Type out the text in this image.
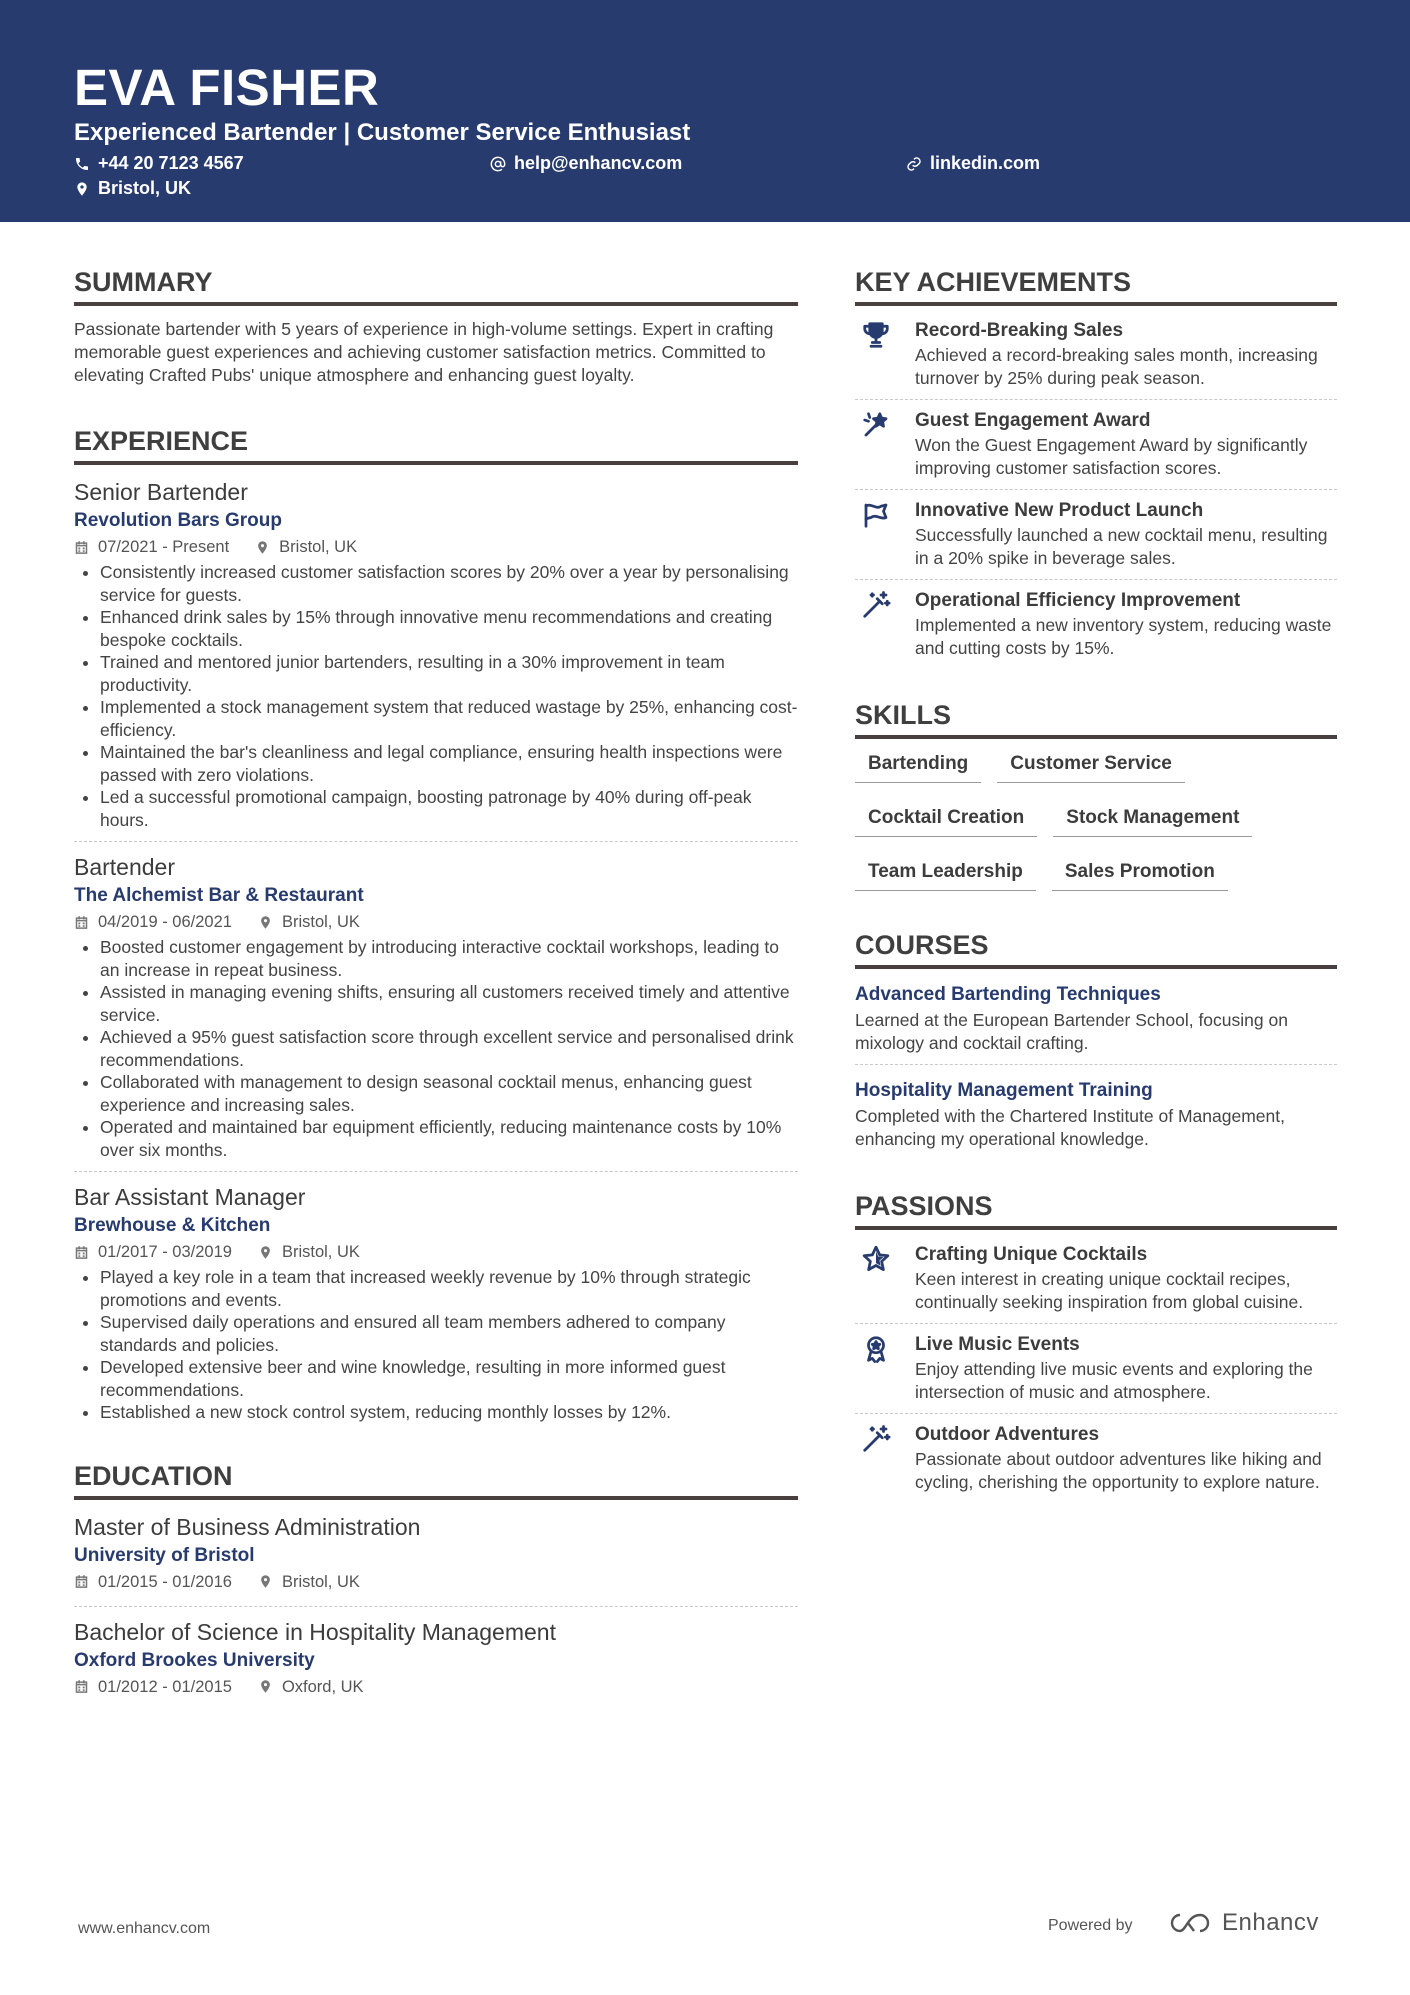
EVA FISHER
Experienced Bartender | Customer Service Enthusiast
+44 20 7123 4567	help@enhancv.com	linkedin.com
Bristol, UK
SUMMARY

Passionate bartender with 5 years of experience in high-volume settings. Expert in crafting memorable guest experiences and achieving customer satisfaction metrics. Committed to elevating Crafted Pubs' unique atmosphere and enhancing guest loyalty.

EXPERIENCE
Senior Bartender
Revolution Bars Group
07/2021 - Present	Bristol, UK
• Consistently increased customer satisfaction scores by 20% over a year by personalising service for guests.
• Enhanced drink sales by 15% through innovative menu recommendations and creating bespoke cocktails.
• Trained and mentored junior bartenders, resulting in a 30% improvement in team productivity.
• Implemented a stock management system that reduced wastage by 25%, enhancing cost-efficiency.
• Maintained the bar's cleanliness and legal compliance, ensuring health inspections were passed with zero violations.
• Led a successful promotional campaign, boosting patronage by 40% during off-peak hours.
Bartender
The Alchemist Bar & Restaurant
04/2019 - 06/2021	Bristol, UK
• Boosted customer engagement by introducing interactive cocktail workshops, leading to an increase in repeat business.
• Assisted in managing evening shifts, ensuring all customers received timely and attentive service.
• Achieved a 95% guest satisfaction score through excellent service and personalised drink recommendations.
• Collaborated with management to design seasonal cocktail menus, enhancing guest experience and increasing sales.
• Operated and maintained bar equipment efficiently, reducing maintenance costs by 10% over six months.
Bar Assistant Manager
Brewhouse & Kitchen
01/2017 - 03/2019	Bristol, UK
• Played a key role in a team that increased weekly revenue by 10% through strategic promotions and events.
• Supervised daily operations and ensured all team members adhered to company standards and policies.
• Developed extensive beer and wine knowledge, resulting in more informed guest recommendations.
• Established a new stock control system, reducing monthly losses by 12%.
EDUCATION
Master of Business Administration
University of Bristol
01/2015 - 01/2016	Bristol, UK
Bachelor of Science in Hospitality Management
Oxford Brookes University
01/2012 - 01/2015	Oxford, UK
KEY ACHIEVEMENTS
Record-Breaking Sales
Achieved a record-breaking sales month, increasing turnover by 25% during peak season.
Guest Engagement Award
Won the Guest Engagement Award by significantly improving customer satisfaction scores.
Innovative New Product Launch
Successfully launched a new cocktail menu, resulting in a 20% spike in beverage sales.
Operational Efficiency Improvement
Implemented a new inventory system, reducing waste and cutting costs by 15%.
SKILLS
Bartending	Customer Service
Cocktail Creation	Stock Management
Team Leadership	Sales Promotion
COURSES
Advanced Bartending Techniques
Learned at the European Bartender School, focusing on mixology and cocktail crafting.
Hospitality Management Training
Completed with the Chartered Institute of Management, enhancing my operational knowledge.
PASSIONS
Crafting Unique Cocktails
Keen interest in creating unique cocktail recipes, continually seeking inspiration from global cuisine.
Live Music Events
Enjoy attending live music events and exploring the intersection of music and atmosphere.
Outdoor Adventures
Passionate about outdoor adventures like hiking and cycling, cherishing the opportunity to explore nature.
www.enhancv.com	Powered by	Enhancv
